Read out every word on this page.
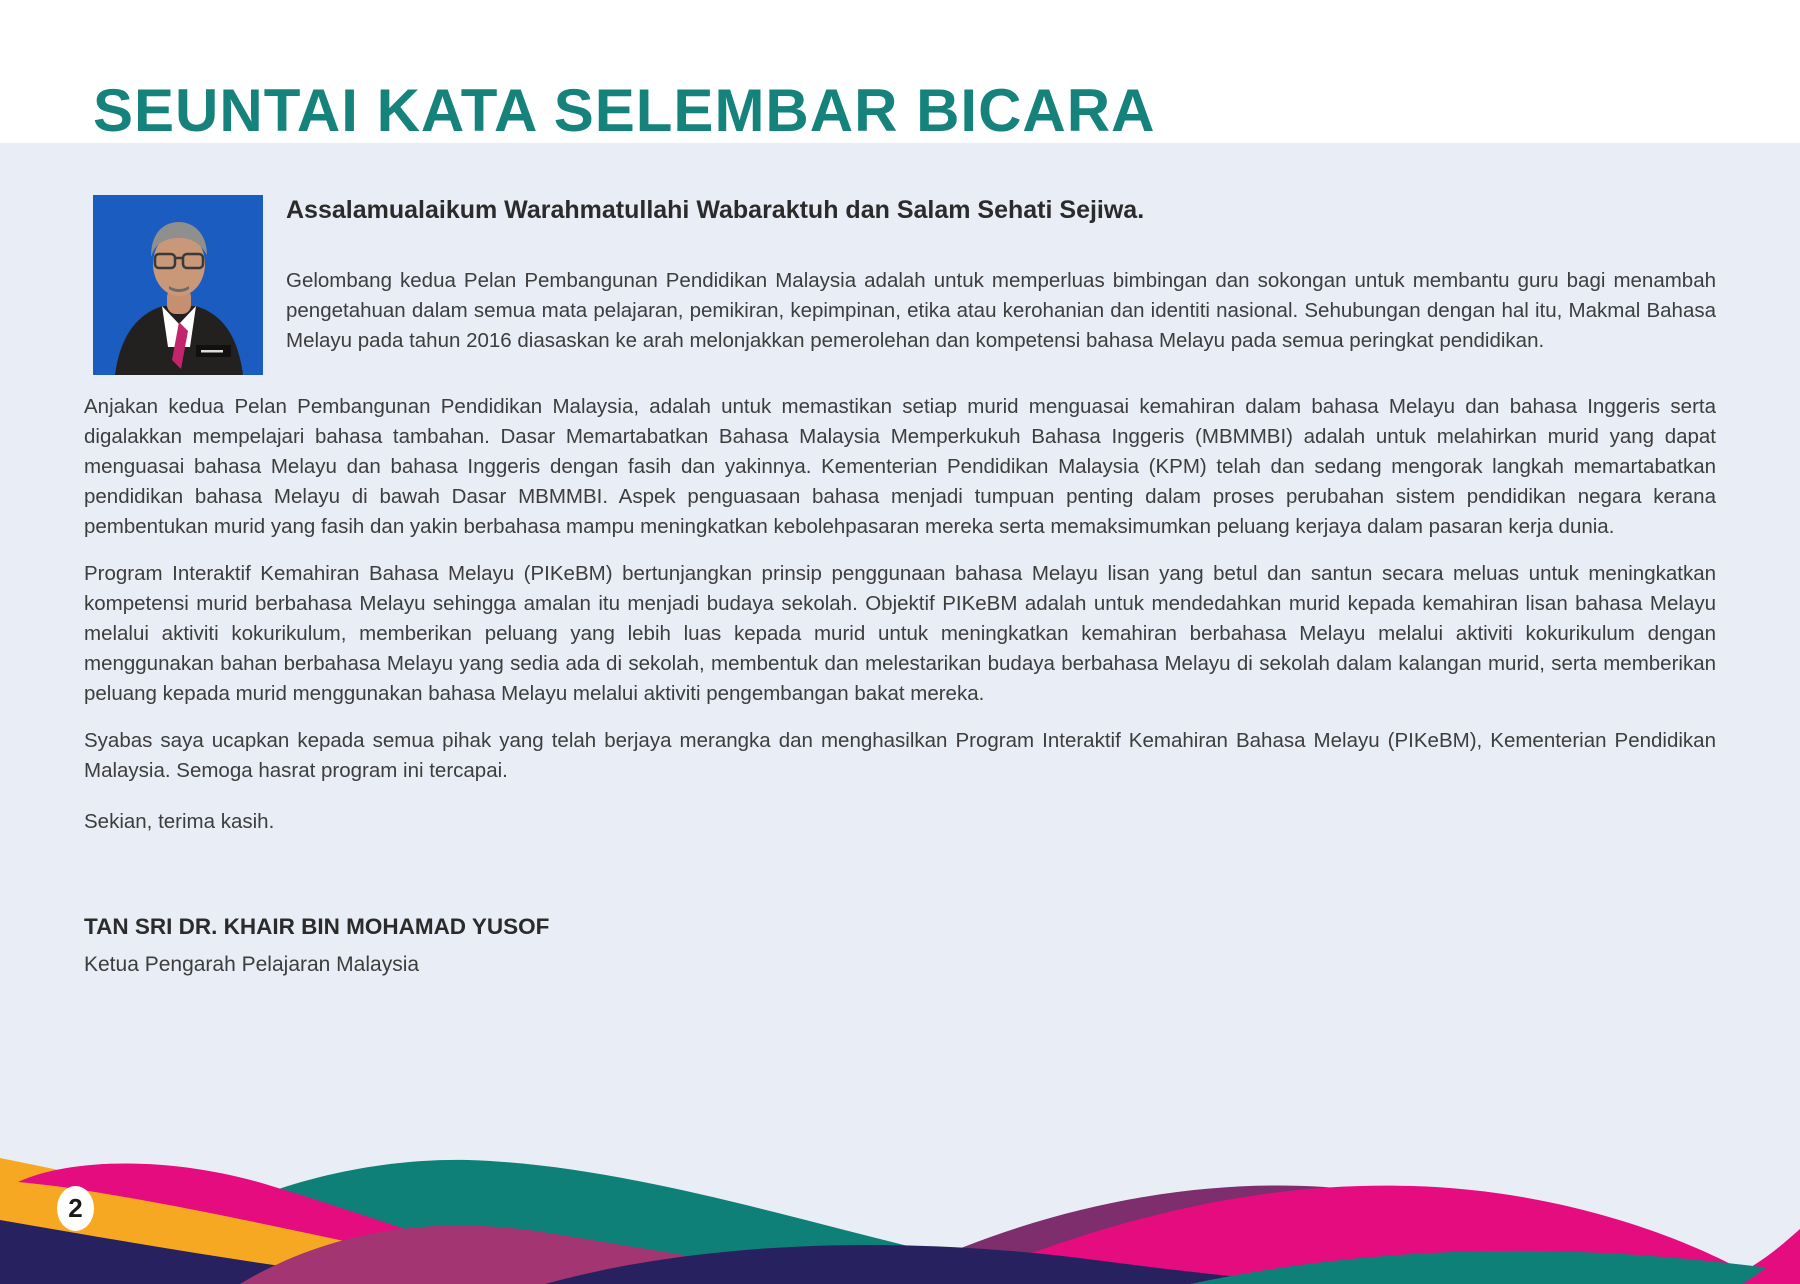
SEUNTAI KATA SELEMBAR BICARA

Assalamualaikum Warahmatullahi Wabaraktuh dan Salam Sehati Sejiwa.

Gelombang kedua Pelan Pembangunan Pendidikan Malaysia adalah untuk memperluas bimbingan dan sokongan untuk membantu guru bagi menambah pengetahuan dalam semua mata pelajaran, pemikiran, kepimpinan, etika atau kerohanian dan identiti nasional. Sehubungan dengan hal itu, Makmal Bahasa Melayu pada tahun 2016 diasaskan ke arah melonjakkan pemerolehan dan kompetensi bahasa Melayu pada semua peringkat pendidikan.

Anjakan kedua Pelan Pembangunan Pendidikan Malaysia, adalah untuk memastikan setiap murid menguasai kemahiran dalam bahasa Melayu dan bahasa Inggeris serta digalakkan mempelajari bahasa tambahan. Dasar Memartabatkan Bahasa Malaysia Memperkukuh Bahasa Inggeris (MBMMBI) adalah untuk melahirkan murid yang dapat menguasai bahasa Melayu dan bahasa Inggeris dengan fasih dan yakinnya. Kementerian Pendidikan Malaysia (KPM) telah dan sedang mengorak langkah memartabatkan pendidikan bahasa Melayu di bawah Dasar MBMMBI. Aspek penguasaan bahasa menjadi tumpuan penting dalam proses perubahan sistem pendidikan negara kerana pembentukan murid yang fasih dan yakin berbahasa mampu meningkatkan kebolehpasaran mereka serta memaksimumkan peluang kerjaya dalam pasaran kerja dunia.

Program Interaktif Kemahiran Bahasa Melayu (PIKeBM) bertunjangkan prinsip penggunaan bahasa Melayu lisan yang betul dan santun secara meluas untuk meningkatkan kompetensi murid berbahasa Melayu sehingga amalan itu menjadi budaya sekolah. Objektif PIKeBM adalah untuk mendedahkan murid kepada kemahiran lisan bahasa Melayu melalui aktiviti kokurikulum, memberikan peluang yang lebih luas kepada murid untuk meningkatkan kemahiran berbahasa Melayu melalui aktiviti kokurikulum dengan menggunakan bahan berbahasa Melayu yang sedia ada di sekolah, membentuk dan melestarikan budaya berbahasa Melayu di sekolah dalam kalangan murid, serta memberikan peluang kepada murid menggunakan bahasa Melayu melalui aktiviti pengembangan bakat mereka.

Syabas saya ucapkan kepada semua pihak yang telah berjaya merangka dan menghasilkan Program Interaktif Kemahiran Bahasa Melayu (PIKeBM), Kementerian Pendidikan Malaysia. Semoga hasrat program ini tercapai.

Sekian, terima kasih.

TAN SRI DR. KHAIR BIN MOHAMAD YUSOF

Ketua Pengarah Pelajaran Malaysia

2
